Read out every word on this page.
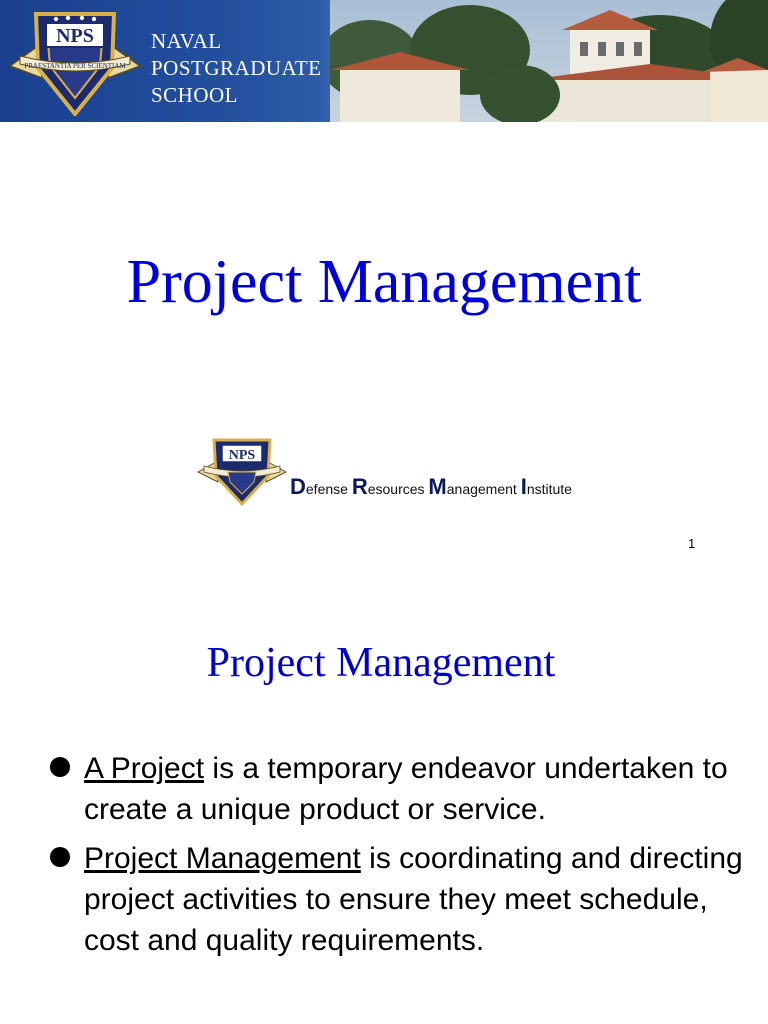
NPS
PRAESTANTIA PER SCIENTIAM
NAVAL
POSTGRADUATE
SCHOOL
Project Management
NPS
Defense Resources Management Institute
1
Project Management
A Project is a temporary endeavor undertaken to create a unique product or service.
Project Management is coordinating and directing project activities to ensure they meet schedule, cost and quality requirements.
